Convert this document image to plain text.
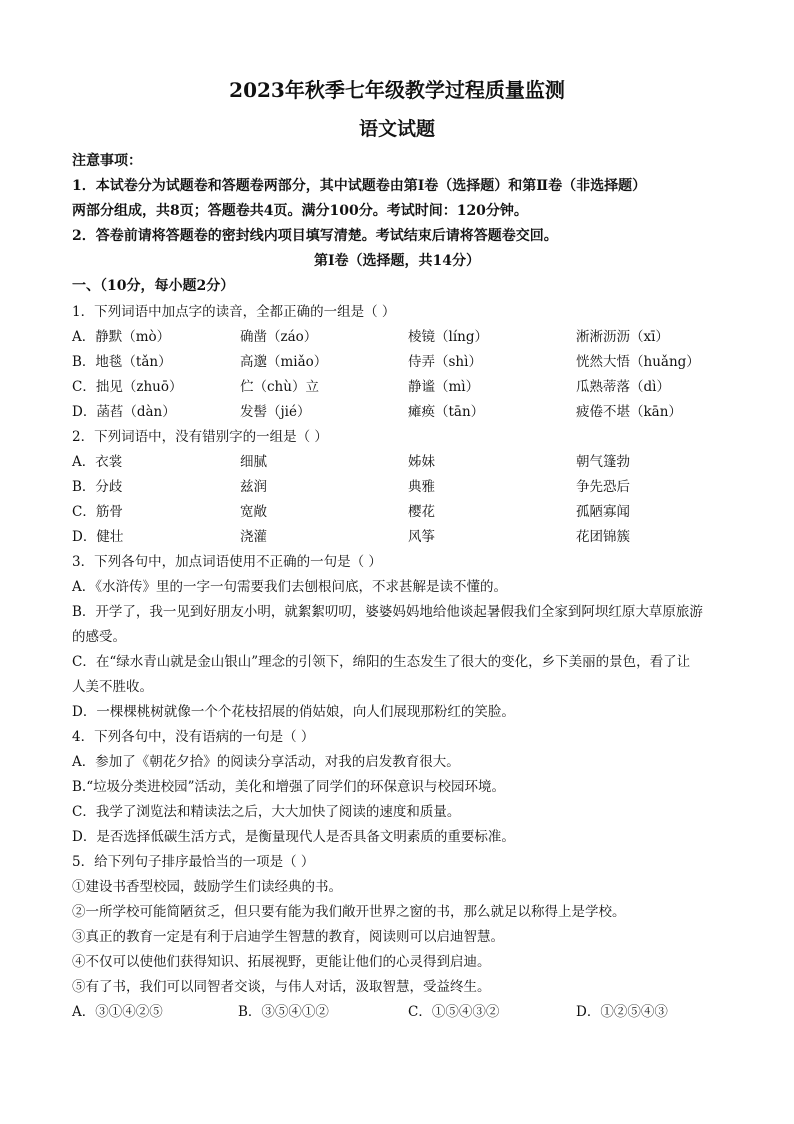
2023年秋季七年级教学过程质量监测
语文试题
注意事项：
1．本试卷分为试题卷和答题卷两部分，其中试题卷由第Ⅰ卷（选择题）和第Ⅱ卷（非选择题）
两部分组成，共8页；答题卷共4页。满分100分。考试时间：120分钟。
2．答卷前请将答题卷的密封线内项目填写清楚。考试结束后请将答题卷交回。
第Ⅰ卷（选择题，共14分）
一、（10分，每小题2分）
1．下列词语中加点字的读音，全都正确的一组是（ ）
A．静默（mò）	确凿（záo）	棱镜（líng）	淅淅沥沥（xī）
B．地毯（tǎn）	高邈（miǎo）	侍弄（shì）	恍然大悟（huǎng）
C．拙见（zhuō）	伫（chù）立	静谧（mì）	瓜熟蒂落（dì）
D．菡萏（dàn）	发髻（jié）	瘫痪（tān）	疲倦不堪（kān）
2．下列词语中，没有错别字的一组是（ ）
A．衣裳	细腻	姊妹	朝气篷勃
B．分歧	兹润	典雅	争先恐后
C．筋骨	宽敞	樱花	孤陋寡闻
D．健壮	浇灌	风筝	花团锦簇
3．下列各句中，加点词语使用不正确的一句是（ ）
A．《水浒传》里的一字一句需要我们去刨根问底，不求甚解是读不懂的。
B．开学了，我一见到好朋友小明，就絮絮叨叨，婆婆妈妈地给他谈起暑假我们全家到阿坝红原大草原旅游
的感受。
C．在“绿水青山就是金山银山”理念的引领下，绵阳的生态发生了很大的变化，乡下美丽的景色，看了让
人美不胜收。
D．一棵棵桃树就像一个个花枝招展的俏姑娘，向人们展现那粉红的笑脸。
4．下列各句中，没有语病的一句是（ ）
A．参加了《朝花夕拾》的阅读分享活动，对我的启发教育很大。
B.“垃圾分类进校园”活动，美化和增强了同学们的环保意识与校园环境。
C．我学了浏览法和精读法之后，大大加快了阅读的速度和质量。
D．是否选择低碳生活方式，是衡量现代人是否具备文明素质的重要标准。
5．给下列句子排序最恰当的一项是（ ）
①建设书香型校园，鼓励学生们读经典的书。
②一所学校可能简陋贫乏，但只要有能为我们敞开世界之窗的书，那么就足以称得上是学校。
③真正的教育一定是有利于启迪学生智慧的教育，阅读则可以启迪智慧。
④不仅可以使他们获得知识、拓展视野，更能让他们的心灵得到启迪。
⑤有了书，我们可以同智者交谈，与伟人对话，汲取智慧，受益终生。
A．③①④②⑤	B．③⑤④①②	C．①⑤④③②	D．①②⑤④③
